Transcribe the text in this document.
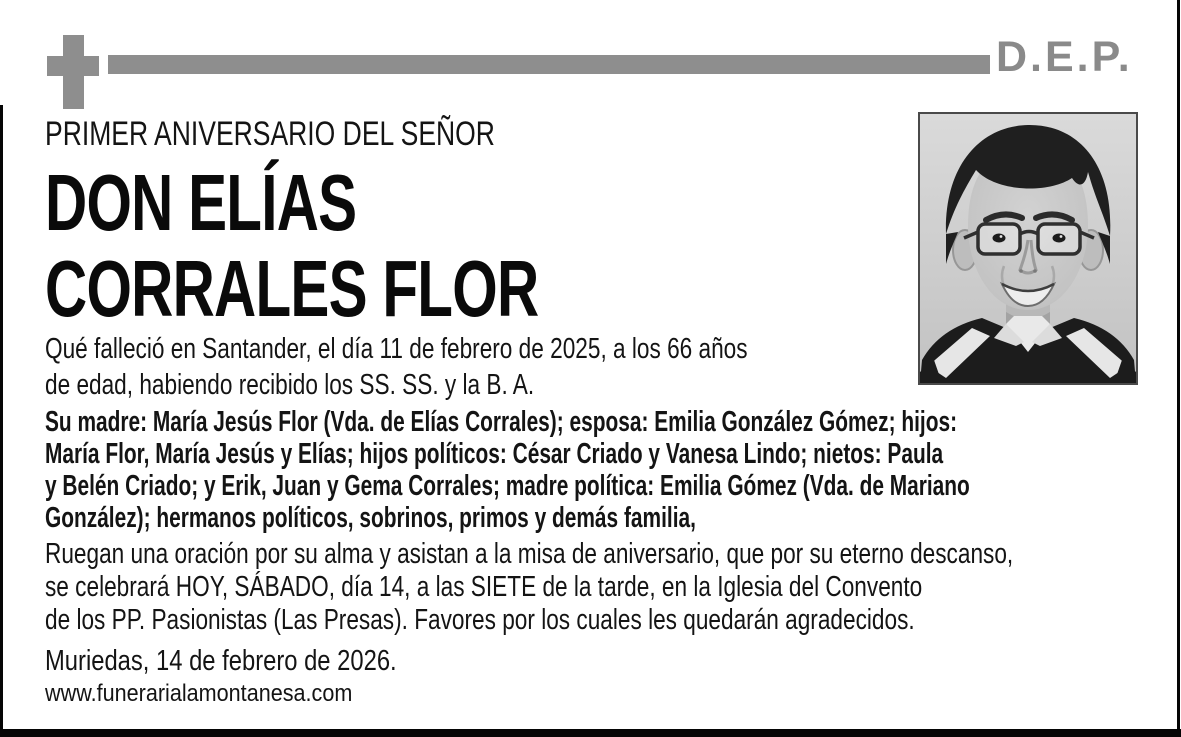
D.E.P.
PRIMER ANIVERSARIO DEL SEÑOR
DON ELÍAS
CORRALES FLOR
Qué falleció en Santander, el día 11 de febrero de 2025, a los 66 años
de edad, habiendo recibido los SS. SS. y la B. A.
Su madre: María Jesús Flor (Vda. de Elías Corrales); esposa: Emilia González Gómez; hijos:
María Flor, María Jesús y Elías; hijos políticos: César Criado y Vanesa Lindo; nietos: Paula
y Belén Criado; y Erik, Juan y Gema Corrales; madre política: Emilia Gómez (Vda. de Mariano
González); hermanos políticos, sobrinos, primos y demás familia,
Ruegan una oración por su alma y asistan a la misa de aniversario, que por su eterno descanso,
se celebrará HOY, SÁBADO, día 14, a las SIETE de la tarde, en la Iglesia del Convento
de los PP. Pasionistas (Las Presas). Favores por los cuales les quedarán agradecidos.
Muriedas, 14 de febrero de 2026.
www.funerarialamontanesa.com
